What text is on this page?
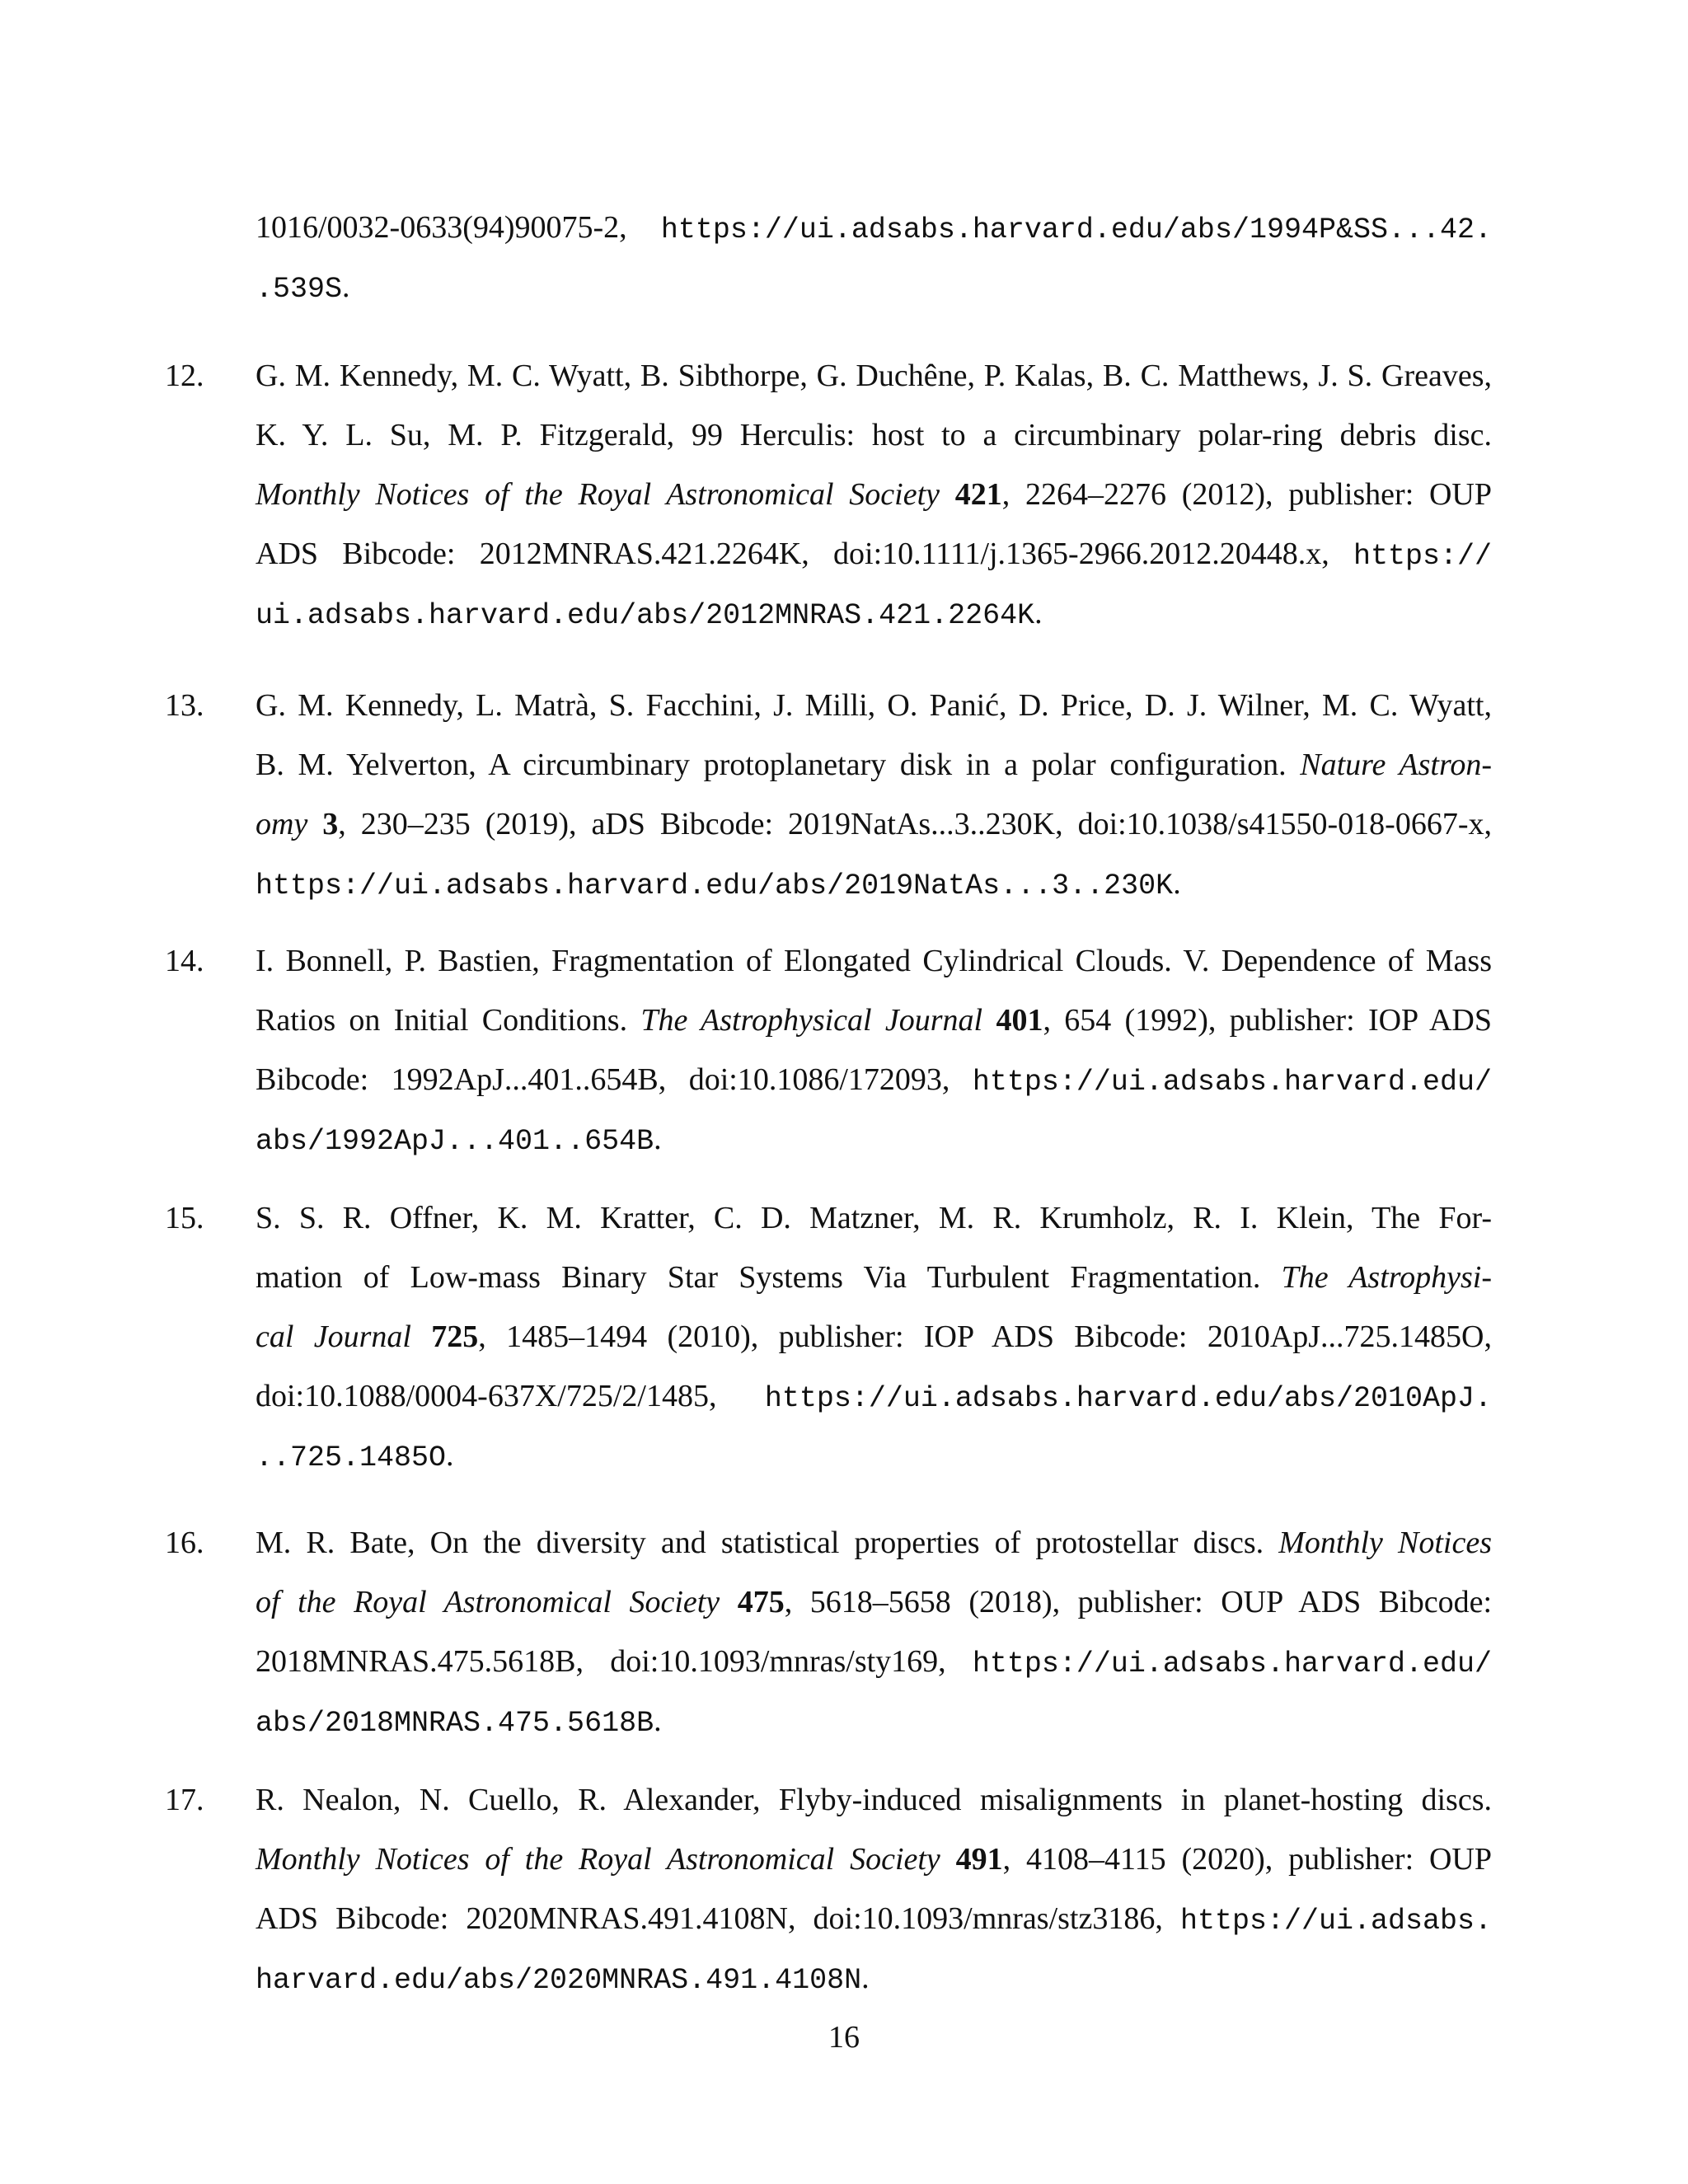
1016/0032-0633(94)90075-2, https://ui.adsabs.harvard.edu/abs/1994P&SS...42.
.539S.
12.	G. M. Kennedy, M. C. Wyatt, B. Sibthorpe, G. Duchêne, P. Kalas, B. C. Matthews, J. S. Greaves,
K. Y. L. Su, M. P. Fitzgerald, 99 Herculis: host to a circumbinary polar-ring debris disc.
Monthly Notices of the Royal Astronomical Society 421, 2264–2276 (2012), publisher: OUP
ADS Bibcode: 2012MNRAS.421.2264K, doi:10.1111/j.1365-2966.2012.20448.x, https://
ui.adsabs.harvard.edu/abs/2012MNRAS.421.2264K.
13.	G. M. Kennedy, L. Matrà, S. Facchini, J. Milli, O. Panić, D. Price, D. J. Wilner, M. C. Wyatt,
B. M. Yelverton, A circumbinary protoplanetary disk in a polar configuration. Nature Astron-
omy 3, 230–235 (2019), aDS Bibcode: 2019NatAs...3..230K, doi:10.1038/s41550-018-0667-x,
https://ui.adsabs.harvard.edu/abs/2019NatAs...3..230K.
14.	I. Bonnell, P. Bastien, Fragmentation of Elongated Cylindrical Clouds. V. Dependence of Mass
Ratios on Initial Conditions. The Astrophysical Journal 401, 654 (1992), publisher: IOP ADS
Bibcode: 1992ApJ...401..654B, doi:10.1086/172093, https://ui.adsabs.harvard.edu/
abs/1992ApJ...401..654B.
15.	S. S. R. Offner, K. M. Kratter, C. D. Matzner, M. R. Krumholz, R. I. Klein, The For-
mation of Low-mass Binary Star Systems Via Turbulent Fragmentation. The Astrophysi-
cal Journal 725, 1485–1494 (2010), publisher: IOP ADS Bibcode: 2010ApJ...725.1485O,
doi:10.1088/0004-637X/725/2/1485, https://ui.adsabs.harvard.edu/abs/2010ApJ.
..725.1485O.
16.	M. R. Bate, On the diversity and statistical properties of protostellar discs. Monthly Notices
of the Royal Astronomical Society 475, 5618–5658 (2018), publisher: OUP ADS Bibcode:
2018MNRAS.475.5618B, doi:10.1093/mnras/sty169, https://ui.adsabs.harvard.edu/
abs/2018MNRAS.475.5618B.
17.	R. Nealon, N. Cuello, R. Alexander, Flyby-induced misalignments in planet-hosting discs.
Monthly Notices of the Royal Astronomical Society 491, 4108–4115 (2020), publisher: OUP
ADS Bibcode: 2020MNRAS.491.4108N, doi:10.1093/mnras/stz3186, https://ui.adsabs.
harvard.edu/abs/2020MNRAS.491.4108N.
16
